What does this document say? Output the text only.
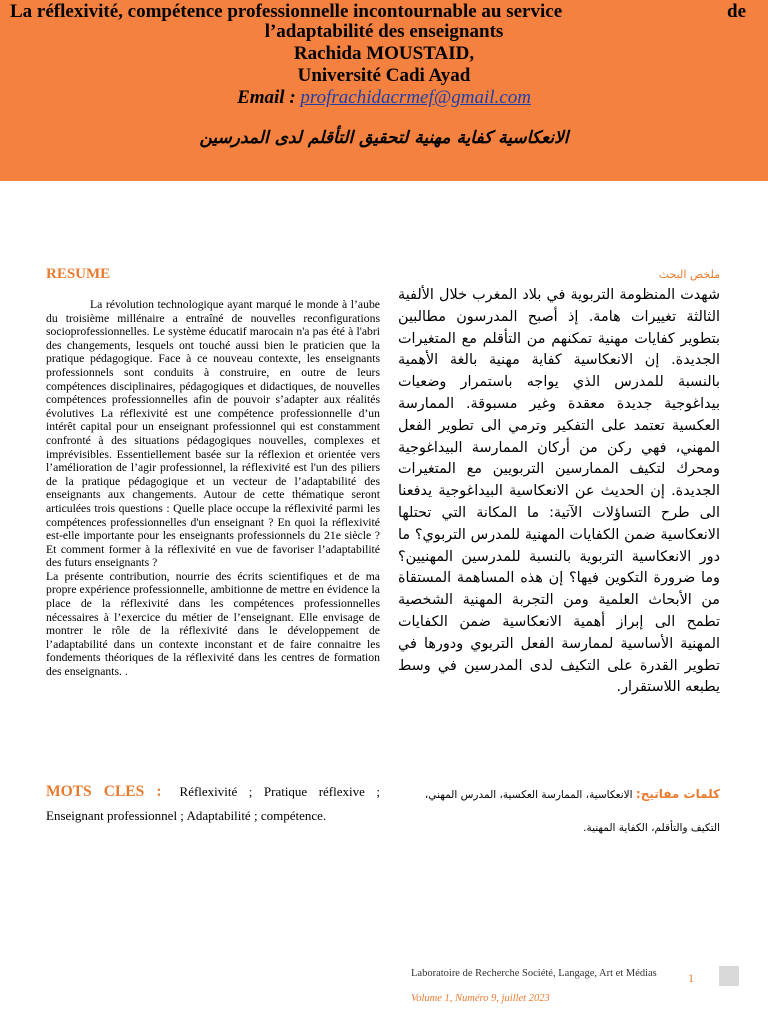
La réflexivité, compétence professionnelle incontournable au service	de
l’adaptabilité des enseignants
Rachida MOUSTAID,
Université Cadi Ayad
Email : profrachidacrmef@gmail.com
الانعكاسية كفاية مهنية لتحقيق التأقلم لدى المدرسين
RESUME

La révolution technologique ayant marqué le monde à l’aube du troisième millénaire a entraîné de nouvelles reconfigurations socioprofessionnelles. Le système éducatif marocain n'a pas été à l'abri des changements, lesquels ont touché aussi bien le praticien que la pratique pédagogique. Face à ce nouveau contexte, les enseignants professionnels sont conduits à construire, en outre de leurs compétences disciplinaires, pédagogiques et didactiques, de nouvelles compétences professionnelles afin de pouvoir s’adapter aux réalités évolutives La réflexivité est une compétence professionnelle d’un intérêt capital pour un enseignant professionnel qui est constamment confronté à des situations pédagogiques nouvelles, complexes et imprévisibles. Essentiellement basée sur la réflexion et orientée vers l’amélioration de l’agir professionnel, la réflexivité est l'un des piliers de la pratique pédagogique et un vecteur de l’adaptabilité des enseignants aux changements. Autour de cette thématique seront articulées trois questions : Quelle place occupe la réflexivité parmi les compétences professionnelles d'un enseignant ? En quoi la réflexivité est-elle importante pour les enseignants professionnels du 21e siècle ? Et comment former à la réflexivité en vue de favoriser l’adaptabilité des futurs enseignants ?

La présente contribution, nourrie des écrits scientifiques et de ma propre expérience professionnelle, ambitionne de mettre en évidence la place de la réflexivité dans les compétences professionnelles nécessaires à l’exercice du métier de l’enseignant. Elle envisage de montrer le rôle de la réflexivité dans le développement de l’adaptabilité dans un contexte inconstant et de faire connaitre les fondements théoriques de la réflexivité dans les centres de formation des enseignants. .

MOTS CLES : Réflexivité ; Pratique réflexive ; Enseignant professionnel ; Adaptabilité ; compétence.
ملخص البحث
شهدت المنظومة التربوية في بلاد المغرب خلال الألفية الثالثة تغييرات هامة. إذ أصبح المدرسون مطالبين بتطوير كفايات مهنية تمكنهم من التأقلم مع المتغيرات الجديدة. إن الانعكاسية كفاية مهنية بالغة الأهمية بالنسبة للمدرس الذي يواجه باستمرار وضعيات بيداغوجية جديدة معقدة وغير مسبوقة. الممارسة العكسية تعتمد على التفكير وترمي الى تطوير الفعل المهني، فهي ركن من أركان الممارسة البيداغوجية ومحرك لتكيف الممارسين التربويين مع المتغيرات الجديدة. إن الحديث عن الانعكاسية البيداغوجية يدفعنا الى طرح التساؤلات الآتية: ما المكانة التي تحتلها الانعكاسية ضمن الكفايات المهنية للمدرس التربوي؟ ما دور الانعكاسية التربوية بالنسبة للمدرسين المهنيين؟ وما ضرورة التكوين فيها؟ إن هذه المساهمة المستقاة من الأبحاث العلمية ومن التجربة المهنية الشخصية تطمح الى إبراز أهمية الانعكاسية ضمن الكفايات المهنية الأساسية لممارسة الفعل التربوي ودورها في تطوير القدرة على التكيف لدى المدرسين في وسط يطبعه اللاستقرار.
كلمات مفاتيح: الانعكاسية، الممارسة العكسية، المدرس المهني،
التكيف والتأقلم، الكفاية المهنية.
Laboratoire de Recherche Société, Langage, Art et Médias
Volume 1, Numéro 9, juillet 2023
1
